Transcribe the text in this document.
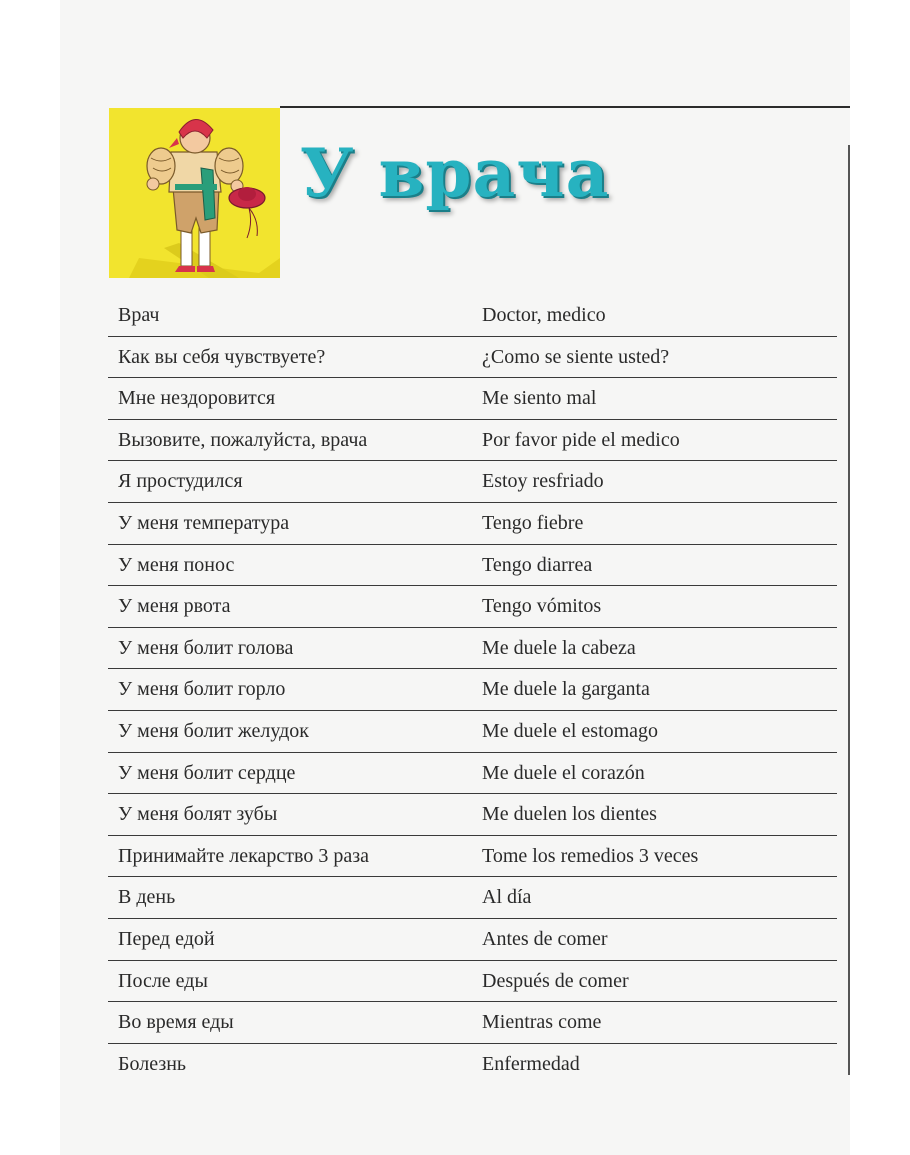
У врача
Врач	Doctor, medico
Как вы себя чувствуете?	¿Como se siente usted?
Мне нездоровится	Me siento mal
Вызовите, пожалуйста, врача	Por favor pide el medico
Я простудился	Estoy resfriado
У меня температура	Tengo fiebre
У меня понос	Tengo diarrea
У меня рвота	Tengo vómitos
У меня болит голова	Me duele la cabeza
У меня болит горло	Me duele la garganta
У меня болит желудок	Me duele el estomago
У меня болит сердце	Me duele el corazón
У меня болят зубы	Me duelen los dientes
Принимайте лекарство 3 раза	Tome los remedios 3 veces
В день	Al día
Перед едой	Antes de comer
После еды	Después de comer
Во время еды	Mientras come
Болезнь	Enfermedad
